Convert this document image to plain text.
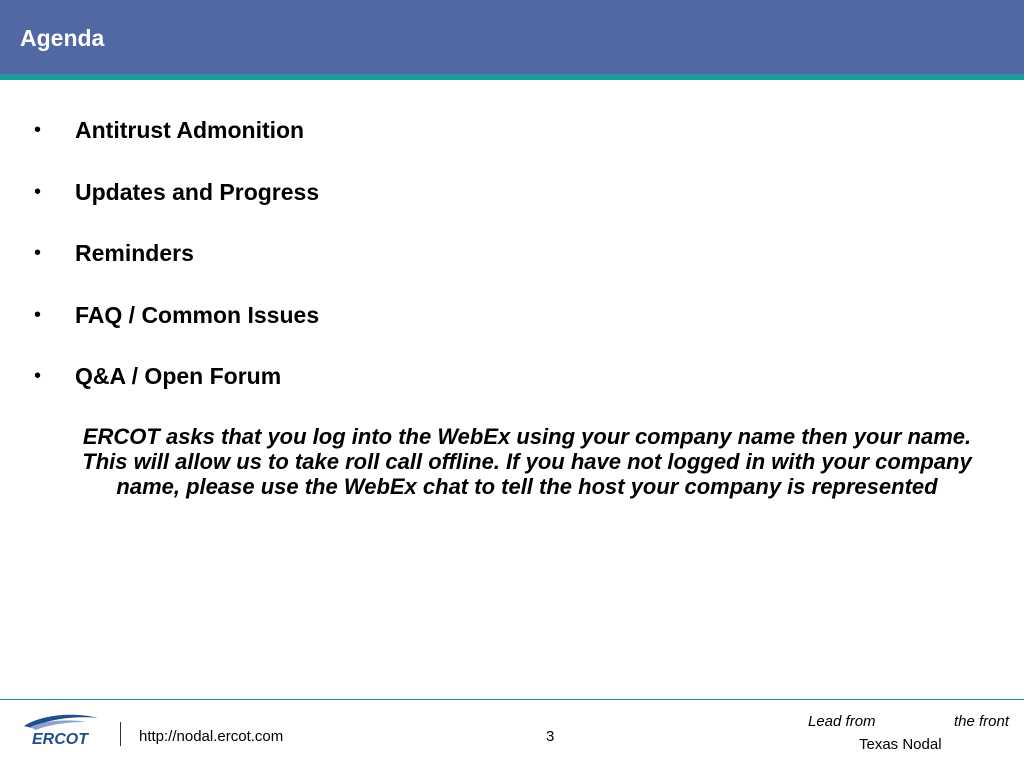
Agenda
• Antitrust Admonition
• Updates and Progress
• Reminders
• FAQ / Common Issues
• Q&A / Open Forum

ERCOT asks that you log into the WebEx using your company name then your name. This will allow us to take roll call offline. If you have not logged in with your company name, please use the WebEx chat to tell the host your company is represented

ERCOT	http://nodal.ercot.com	3
Lead from	the front
Texas Nodal
